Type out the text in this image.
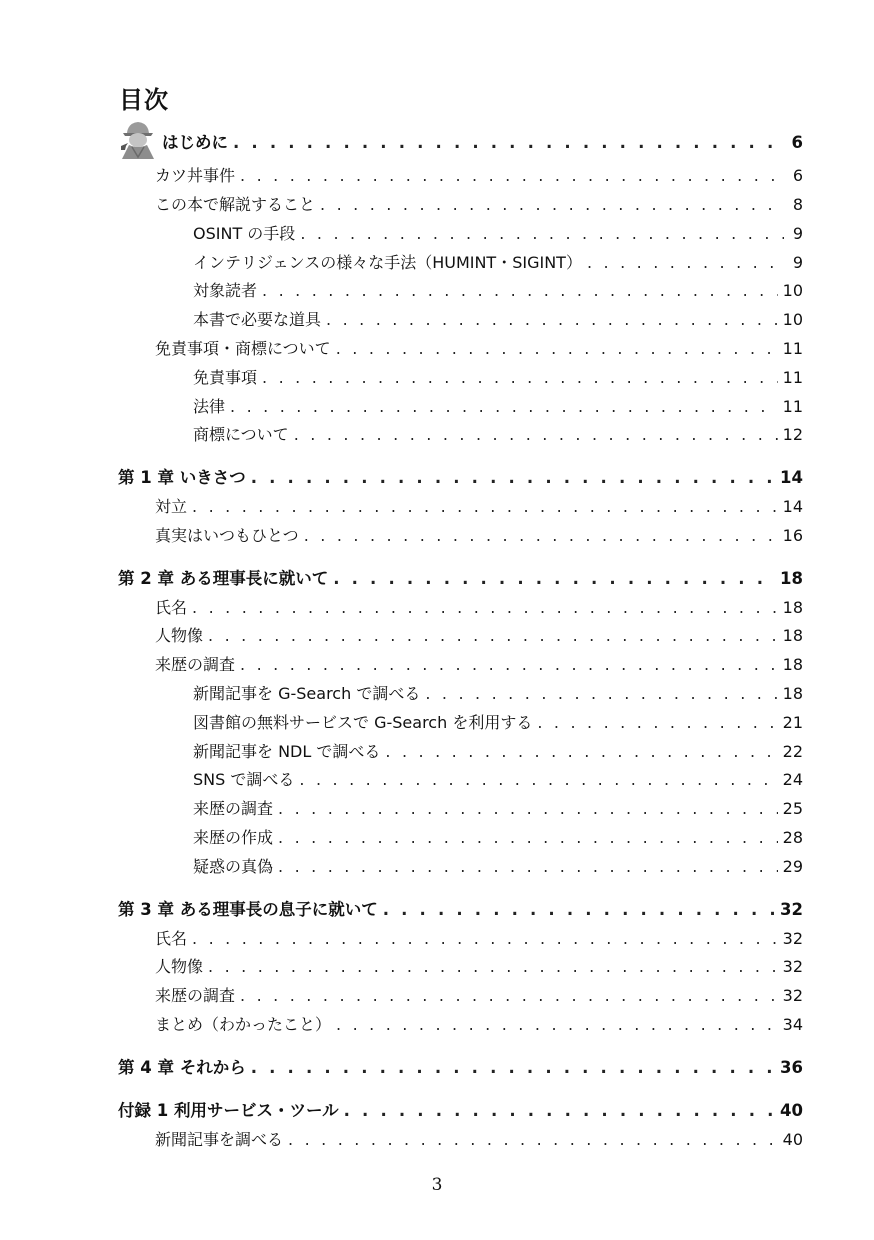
目次
はじめに . . .	6
カツ丼事件 . . .	6
この本で解説すること . . .	8
OSINT の手段 . . .	9
インテリジェンスの様々な手法（HUMINT・SIGINT） . . .	9
対象読者 . . .	10
本書で必要な道具 . . .	10
免責事項・商標について . . .	11
免責事項 . . .	11
法律 . . .	11
商標について . . .	12
第 1 章 いきさつ . . .	14
対立 . . .	14
真実はいつもひとつ . . .	16
第 2 章 ある理事長に就いて . . .	18
氏名 . . .	18
人物像 . . .	18
来歴の調査 . . .	18
新聞記事を G-Search で調べる . . .	18
図書館の無料サービスで G-Search を利用する . . .	21
新聞記事を NDL で調べる . . .	22
SNS で調べる . . .	24
来歴の調査 . . .	25
来歴の作成 . . .	28
疑惑の真偽 . . .	29
第 3 章 ある理事長の息子に就いて . . .	32
氏名 . . .	32
人物像 . . .	32
来歴の調査 . . .	32
まとめ（わかったこと） . . .	34
第 4 章 それから . . .	36
付録 1 利用サービス・ツール . . .	40
新聞記事を調べる . . .	40
3
